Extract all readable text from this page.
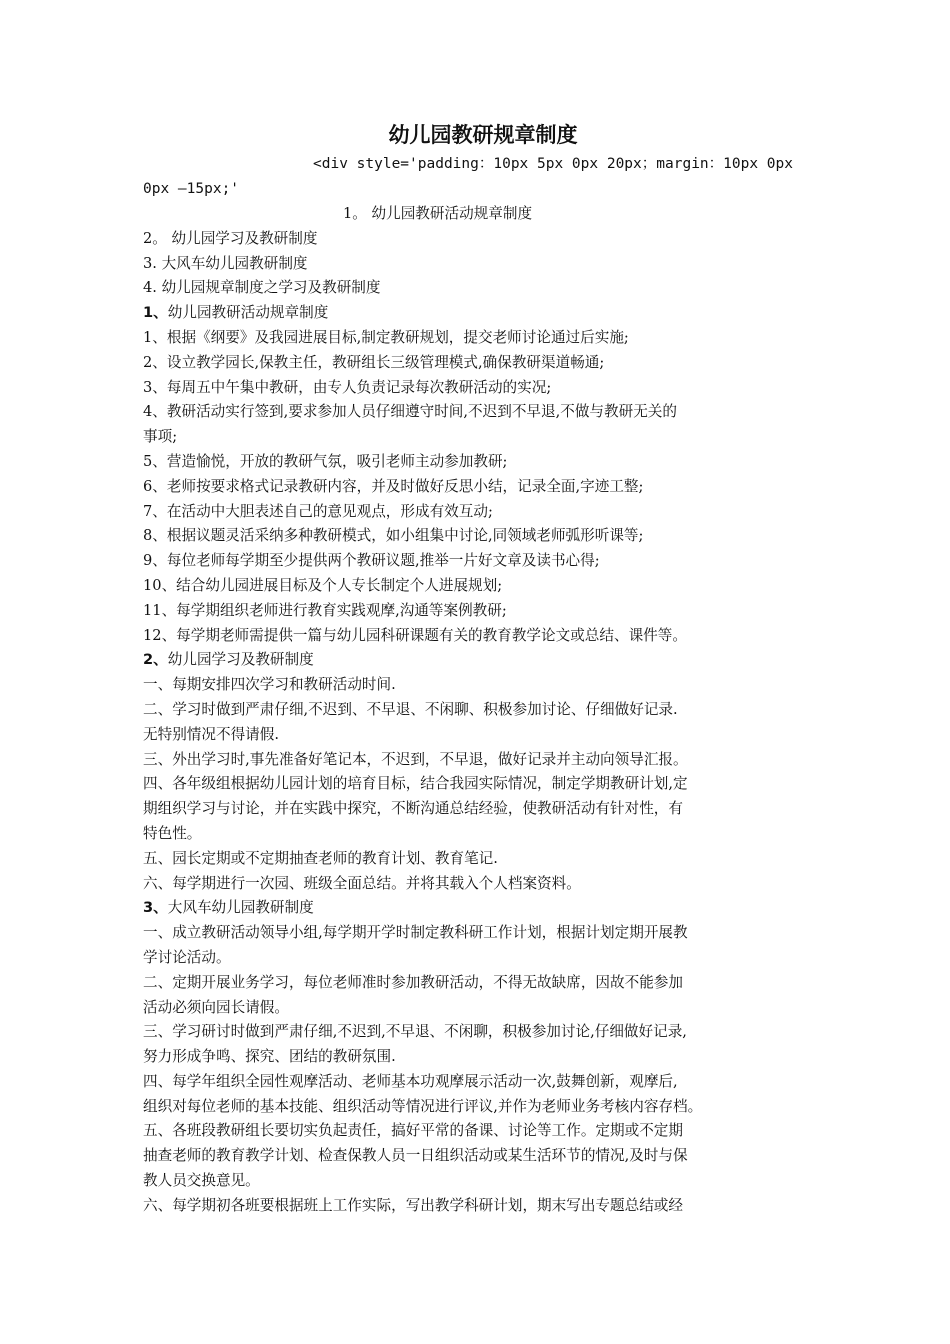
幼儿园教研规章制度
<div style='padding：10px 5px 0px 20px；margin：10px 0px
0px —15px;'
1。 幼儿园教研活动规章制度
2。 幼儿园学习及教研制度
3. 大风车幼儿园教研制度
4. 幼儿园规章制度之学习及教研制度
1、幼儿园教研活动规章制度
1、根据《纲要》及我园进展目标,制定教研规划，提交老师讨论通过后实施;
2、设立教学园长,保教主任，教研组长三级管理模式,确保教研渠道畅通;
3、每周五中午集中教研，由专人负责记录每次教研活动的实况;
4、教研活动实行签到,要求参加人员仔细遵守时间,不迟到不早退,不做与教研无关的
事项;
5、营造愉悦，开放的教研气氛，吸引老师主动参加教研;
6、老师按要求格式记录教研内容，并及时做好反思小结，记录全面,字迹工整;
7、在活动中大胆表述自己的意见观点，形成有效互动;
8、根据议题灵活采纳多种教研模式，如小组集中讨论,同领域老师弧形听课等;
9、每位老师每学期至少提供两个教研议题,推举一片好文章及读书心得;
10、结合幼儿园进展目标及个人专长制定个人进展规划;
11、每学期组织老师进行教育实践观摩,沟通等案例教研;
12、每学期老师需提供一篇与幼儿园科研课题有关的教育教学论文或总结、课件等。
2、幼儿园学习及教研制度
一、每期安排四次学习和教研活动时间.
二、学习时做到严肃仔细,不迟到、不早退、不闲聊、积极参加讨论、仔细做好记录.
无特别情况不得请假.
三、外出学习时,事先准备好笔记本，不迟到，不早退，做好记录并主动向领导汇报。
四、各年级组根据幼儿园计划的培育目标，结合我园实际情况，制定学期教研计划,定
期组织学习与讨论，并在实践中探究，不断沟通总结经验，使教研活动有针对性，有
特色性。
五、园长定期或不定期抽查老师的教育计划、教育笔记.
六、每学期进行一次园、班级全面总结。并将其载入个人档案资料。
3、大风车幼儿园教研制度
一、成立教研活动领导小组,每学期开学时制定教科研工作计划，根据计划定期开展教
学讨论活动。
二、定期开展业务学习，每位老师准时参加教研活动，不得无故缺席，因故不能参加
活动必须向园长请假。
三、学习研讨时做到严肃仔细,不迟到,不早退、不闲聊，积极参加讨论,仔细做好记录,
努力形成争鸣、探究、团结的教研氛围.
四、每学年组织全园性观摩活动、老师基本功观摩展示活动一次,鼓舞创新，观摩后,
组织对每位老师的基本技能、组织活动等情况进行评议,并作为老师业务考核内容存档。
五、各班段教研组长要切实负起责任，搞好平常的备课、讨论等工作。定期或不定期
抽查老师的教育教学计划、检查保教人员一日组织活动或某生活环节的情况,及时与保
教人员交换意见。
六、每学期初各班要根据班上工作实际，写出教学科研计划，期末写出专题总结或经
